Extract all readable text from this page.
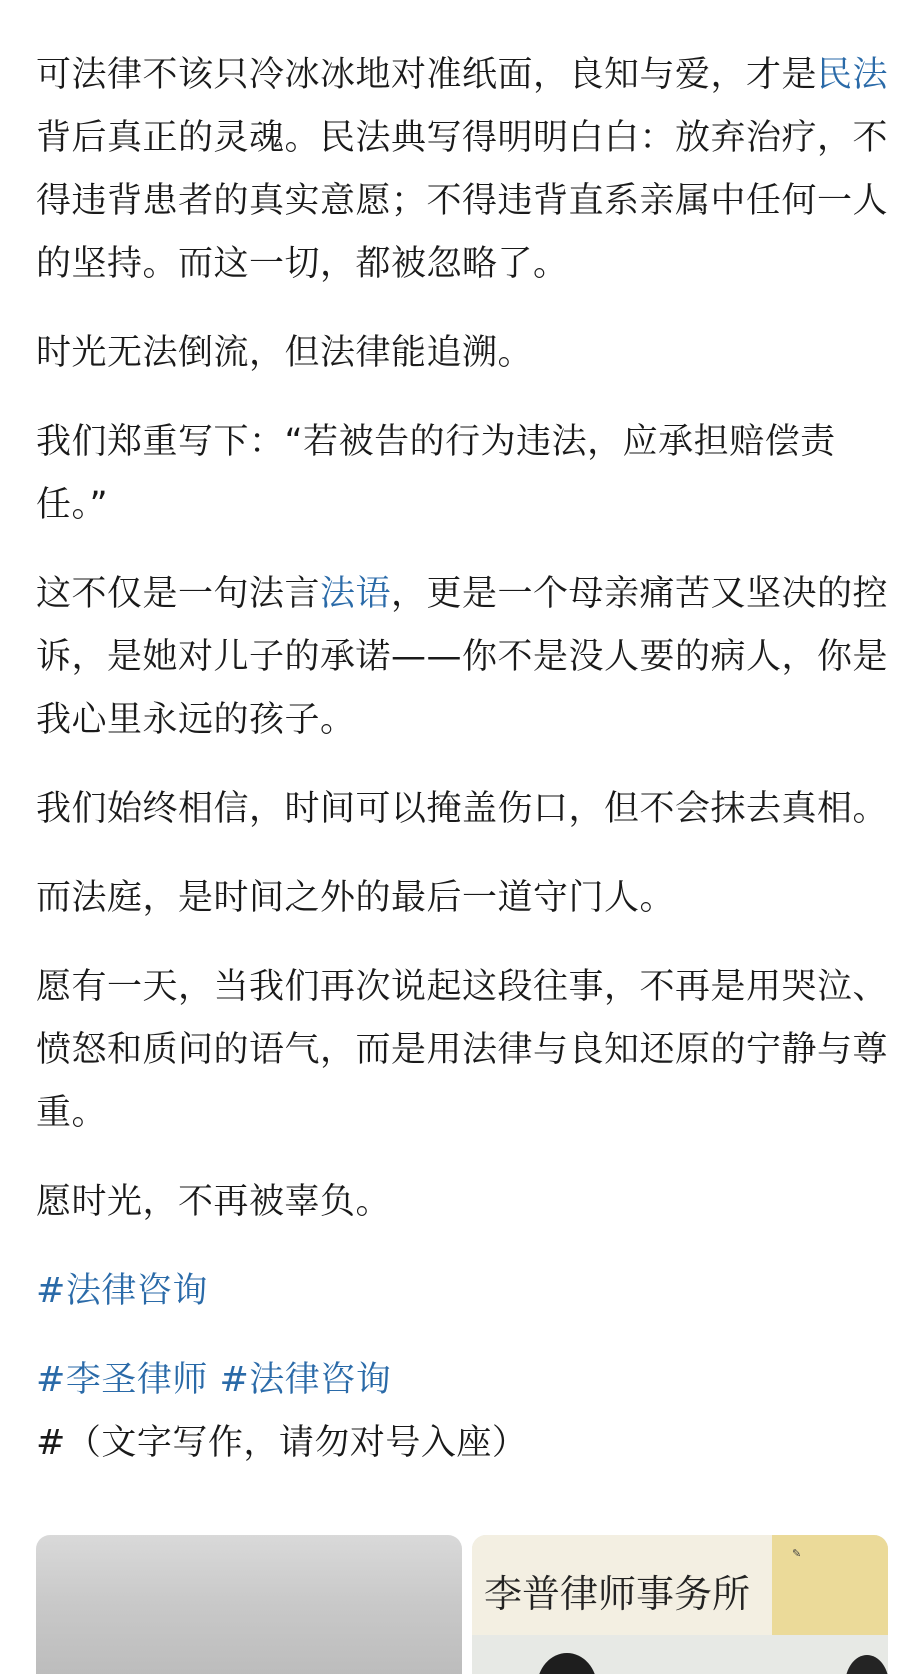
可法律不该只冷冰冰地对准纸面，良知与爱，才是民法背后真正的灵魂。民法典写得明明白白：放弃治疗，不得违背患者的真实意愿；不得违背直系亲属中任何一人的坚持。而这一切，都被忽略了。

时光无法倒流，但法律能追溯。

我们郑重写下：“若被告的行为违法，应承担赔偿责任。”

这不仅是一句法言法语，更是一个母亲痛苦又坚决的控诉，是她对儿子的承诺——你不是没人要的病人，你是我心里永远的孩子。

我们始终相信，时间可以掩盖伤口，但不会抹去真相。

而法庭，是时间之外的最后一道守门人。

愿有一天，当我们再次说起这段往事，不再是用哭泣、愤怒和质问的语气，而是用法律与良知还原的宁静与尊重。

愿时光，不再被辜负。

#法律咨询

#李圣律师 #法律咨询 #（文字写作，请勿对号入座）

李普律师事务所
✎
